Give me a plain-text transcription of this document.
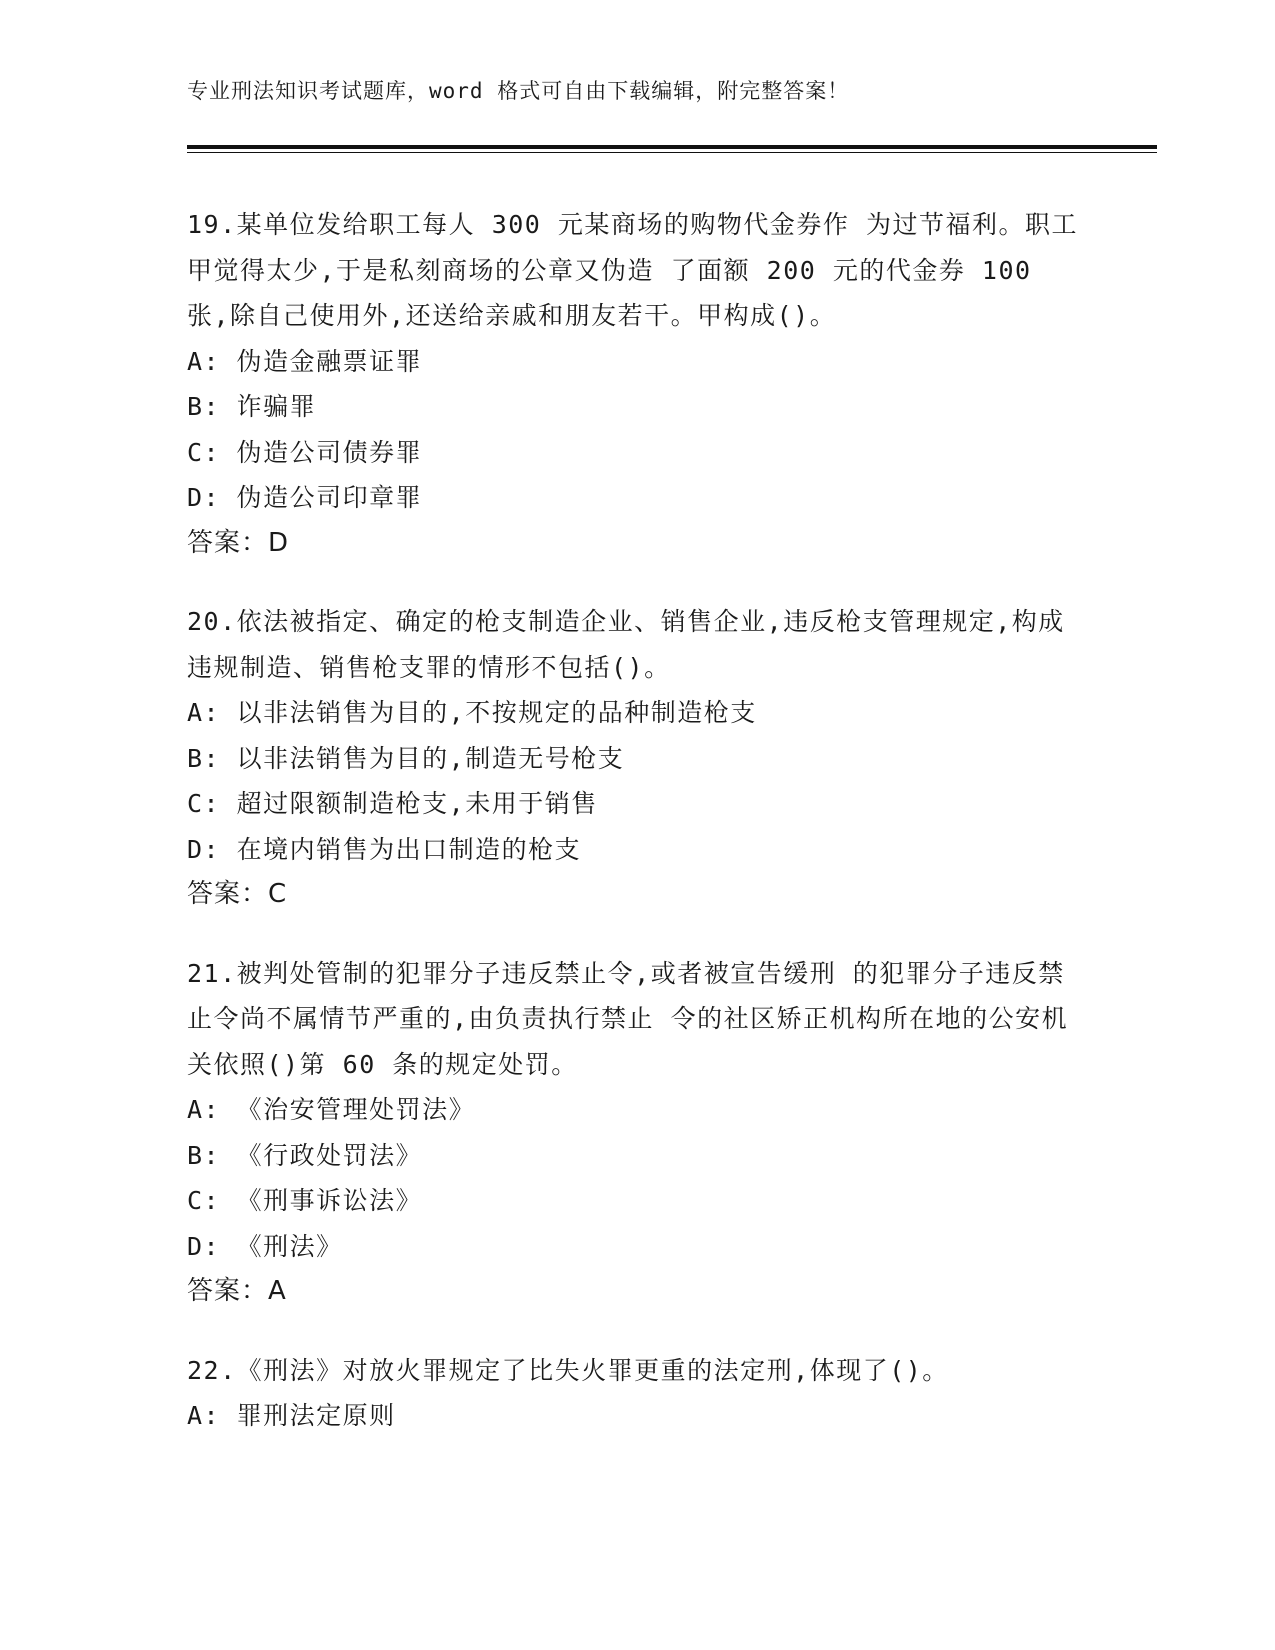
专业刑法知识考试题库，word 格式可自由下载编辑，附完整答案！

19.某单位发给职工每人 300 元某商场的购物代金券作 为过节福利。职工甲觉得太少,于是私刻商场的公章又伪造 了面额 200 元的代金券 100 张,除自己使用外,还送给亲戚和朋友若干。甲构成()。

A: 伪造金融票证罪

B: 诈骗罪

C: 伪造公司债券罪

D: 伪造公司印章罪

答案：D

20.依法被指定、确定的枪支制造企业、销售企业,违反枪支管理规定,构成违规制造、销售枪支罪的情形不包括()。

A: 以非法销售为目的,不按规定的品种制造枪支

B: 以非法销售为目的,制造无号枪支

C: 超过限额制造枪支,未用于销售

D: 在境内销售为出口制造的枪支

答案：C

21.被判处管制的犯罪分子违反禁止令,或者被宣告缓刑 的犯罪分子违反禁止令尚不属情节严重的,由负责执行禁止 令的社区矫正机构所在地的公安机关依照()第 60 条的规定处罚。

A: 《治安管理处罚法》

B: 《行政处罚法》

C: 《刑事诉讼法》

D: 《刑法》

答案：A

22.《刑法》对放火罪规定了比失火罪更重的法定刑,体现了()。

A: 罪刑法定原则
